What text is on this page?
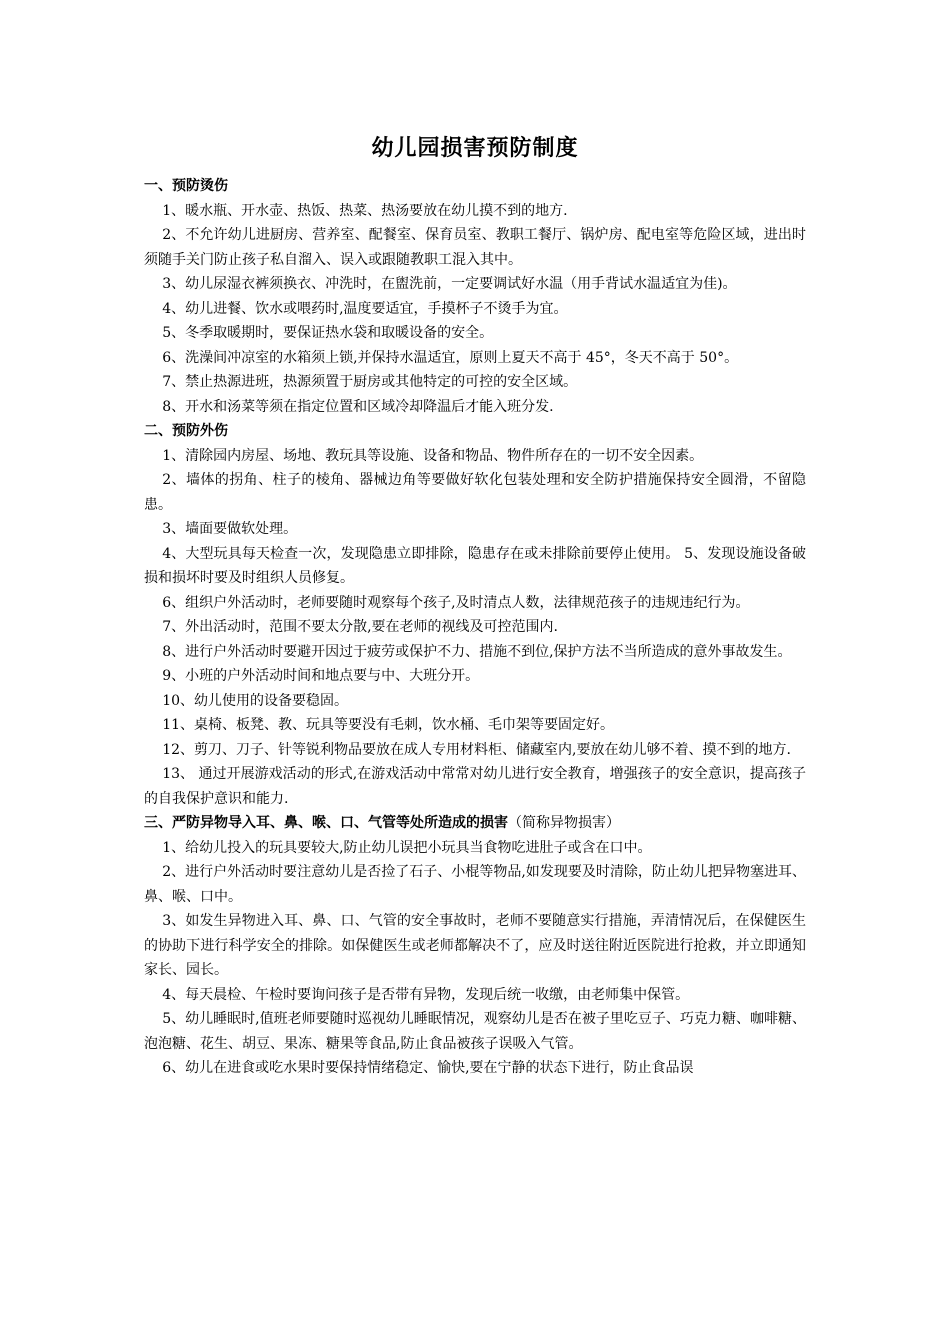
幼儿园损害预防制度

一、预防烫伤

1、暖水瓶、开水壶、热饭、热菜、热汤要放在幼儿摸不到的地方.

2、不允许幼儿进厨房、营养室、配餐室、保育员室、教职工餐厅、锅炉房、配电室等危险区域，进出时须随手关门防止孩子私自溜入、误入或跟随教职工混入其中。

3、幼儿尿湿衣裤须换衣、冲洗时，在盥洗前，一定要调试好水温（用手背试水温适宜为佳)。

4、幼儿进餐、饮水或喂药时,温度要适宜，手摸杯子不烫手为宜。

5、冬季取暖期时，要保证热水袋和取暖设备的安全。

6、洗澡间冲凉室的水箱须上锁,并保持水温适宜，原则上夏天不高于 45°，冬天不高于 50°。

7、禁止热源进班，热源须置于厨房或其他特定的可控的安全区域。

8、开水和汤菜等须在指定位置和区域冷却降温后才能入班分发.

二、预防外伤

1、清除园内房屋、场地、教玩具等设施、设备和物品、物件所存在的一切不安全因素。

2、墙体的拐角、柱子的棱角、器械边角等要做好软化包装处理和安全防护措施保持安全圆滑，不留隐患。

3、墙面要做软处理。

4、大型玩具每天检查一次，发现隐患立即排除，隐患存在或未排除前要停止使用。 5、发现设施设备破损和损坏时要及时组织人员修复。

6、组织户外活动时，老师要随时观察每个孩子,及时清点人数，法律规范孩子的违规违纪行为。

7、外出活动时，范围不要太分散,要在老师的视线及可控范围内.

8、进行户外活动时要避开因过于疲劳或保护不力、措施不到位,保护方法不当所造成的意外事故发生。

9、小班的户外活动时间和地点要与中、大班分开。

10、幼儿使用的设备要稳固。

11、桌椅、板凳、教、玩具等要没有毛刺，饮水桶、毛巾架等要固定好。

12、剪刀、刀子、针等锐利物品要放在成人专用材料柜、储藏室内,要放在幼儿够不着、摸不到的地方.

13、 通过开展游戏活动的形式,在游戏活动中常常对幼儿进行安全教育，增强孩子的安全意识，提高孩子的自我保护意识和能力.

三、严防异物导入耳、鼻、喉、口、气管等处所造成的损害（简称异物损害）

1、给幼儿投入的玩具要较大,防止幼儿误把小玩具当食物吃进肚子或含在口中。

2、进行户外活动时要注意幼儿是否捡了石子、小棍等物品,如发现要及时清除，防止幼儿把异物塞进耳、鼻、喉、口中。

3、如发生异物进入耳、鼻、口、气管的安全事故时，老师不要随意实行措施，弄清情况后，在保健医生的协助下进行科学安全的排除。如保健医生或老师都解决不了，应及时送往附近医院进行抢救，并立即通知家长、园长。

4、每天晨检、午检时要询问孩子是否带有异物，发现后统一收缴，由老师集中保管。

5、幼儿睡眠时,值班老师要随时巡视幼儿睡眠情况，观察幼儿是否在被子里吃豆子、巧克力糖、咖啡糖、泡泡糖、花生、胡豆、果冻、糖果等食品,防止食品被孩子误吸入气管。

6、幼儿在进食或吃水果时要保持情绪稳定、愉快,要在宁静的状态下进行，防止食品误
